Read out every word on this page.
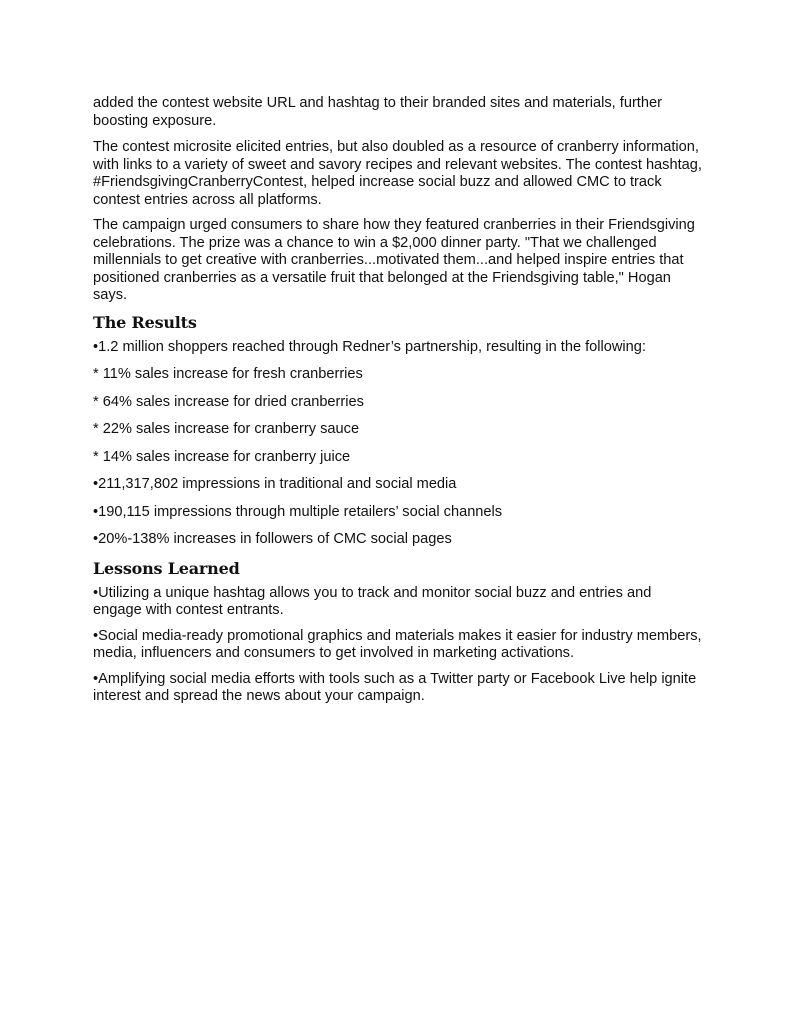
added the contest website URL and hashtag to their branded sites and materials, further boosting exposure.

The contest microsite elicited entries, but also doubled as a resource of cranberry information, with links to a variety of sweet and savory recipes and relevant websites. The contest hashtag, #FriendsgivingCranberryContest, helped increase social buzz and allowed CMC to track contest entries across all platforms.

The campaign urged consumers to share how they featured cranberries in their Friendsgiving celebrations. The prize was a chance to win a $2,000 dinner party. "That we challenged millennials to get creative with cranberries...motivated them...and helped inspire entries that positioned cranberries as a versatile fruit that belonged at the Friendsgiving table," Hogan says.

The Results

•1.2 million shoppers reached through Redner’s partnership, resulting in the following:

* 11% sales increase for fresh cranberries

* 64% sales increase for dried cranberries

* 22% sales increase for cranberry sauce

* 14% sales increase for cranberry juice

•211,317,802 impressions in traditional and social media

•190,115 impressions through multiple retailers’ social channels

•20%-138% increases in followers of CMC social pages

Lessons Learned

•Utilizing a unique hashtag allows you to track and monitor social buzz and entries and engage with contest entrants.

•Social media-ready promotional graphics and materials makes it easier for industry members, media, influencers and consumers to get involved in marketing activations.

•Amplifying social media efforts with tools such as a Twitter party or Facebook Live help ignite interest and spread the news about your campaign.
